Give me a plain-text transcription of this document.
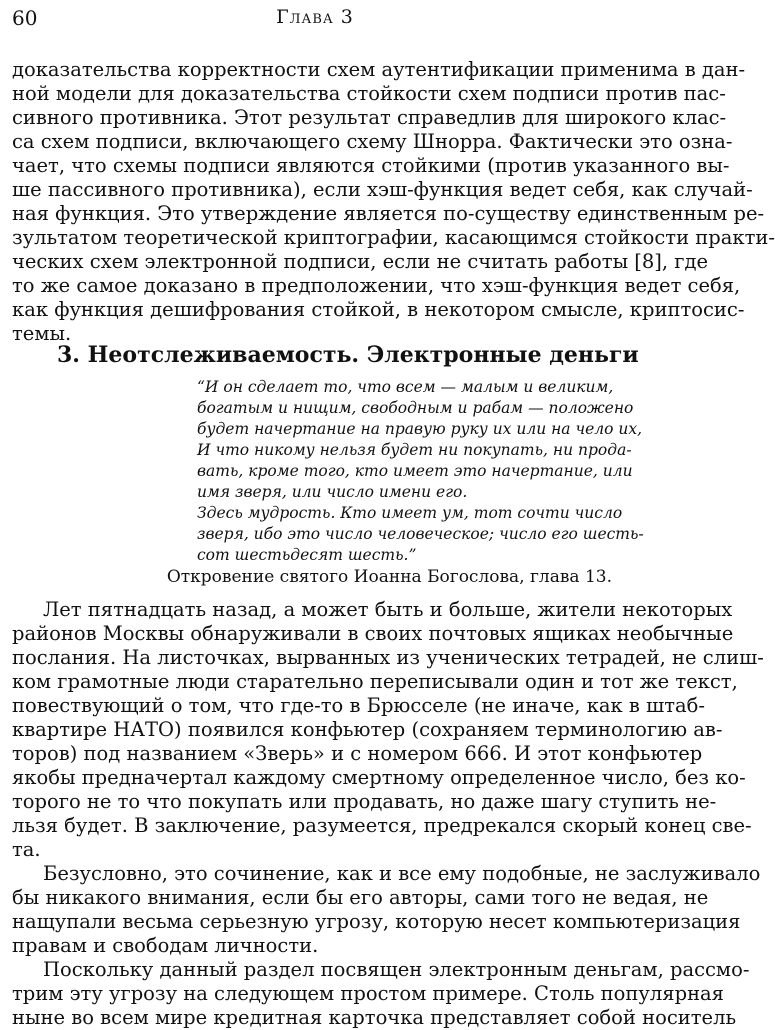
60	Глава 3
доказательства корректности схем аутентификации применима в дан-
ной модели для доказательства стойкости схем подписи против пас-
сивного противника. Этот результат справедлив для широкого клас-
са схем подписи, включающего схему Шнорра. Фактически это озна-
чает, что схемы подписи являются стойкими (против указанного вы-
ше пассивного противника), если хэш-функция ведет себя, как случай-
ная функция. Это утверждение является по-существу единственным ре-
зультатом теоретической криптографии, касающимся стойкости практи-
ческих схем электронной подписи, если не считать работы [8], где
то же самое доказано в предположении, что хэш-функция ведет себя,
как функция дешифрования стойкой, в некотором смысле, криптосис-
темы.
3. Неотслеживаемость. Электронные деньги
“И он сделает то, что всем — малым и великим,
богатым и нищим, свободным и рабам — положено
будет начертание на правую руку их или на чело их,
И что никому нельзя будет ни покупать, ни прода-
вать, кроме того, кто имеет это начертание, или
имя зверя, или число имени его.
Здесь мудрость. Кто имеет ум, тот сочти число
зверя, ибо это число человеческое; число его шесть-
сот шестьдесят шесть.”
Откровение святого Иоанна Богослова, глава 13.
Лет пятнадцать назад, а может быть и больше, жители некоторых
районов Москвы обнаруживали в своих почтовых ящиках необычные
послания. На листочках, вырванных из ученических тетрадей, не слиш-
ком грамотные люди старательно переписывали один и тот же текст,
повествующий о том, что где-то в Брюсселе (не иначе, как в штаб-
квартире НАТО) появился конфьютер (сохраняем терминологию ав-
торов) под названием «Зверь» и с номером 666. И этот конфьютер
якобы предначертал каждому смертному определенное число, без ко-
торого не то что покупать или продавать, но даже шагу ступить не-
льзя будет. В заключение, разумеется, предрекался скорый конец све-
та.
Безусловно, это сочинение, как и все ему подобные, не заслуживало
бы никакого внимания, если бы его авторы, сами того не ведая, не
нащупали весьма серьезную угрозу, которую несет компьютеризация
правам и свободам личности.
Поскольку данный раздел посвящен электронным деньгам, рассмо-
трим эту угрозу на следующем простом примере. Столь популярная
ныне во всем мире кредитная карточка представляет собой носитель
